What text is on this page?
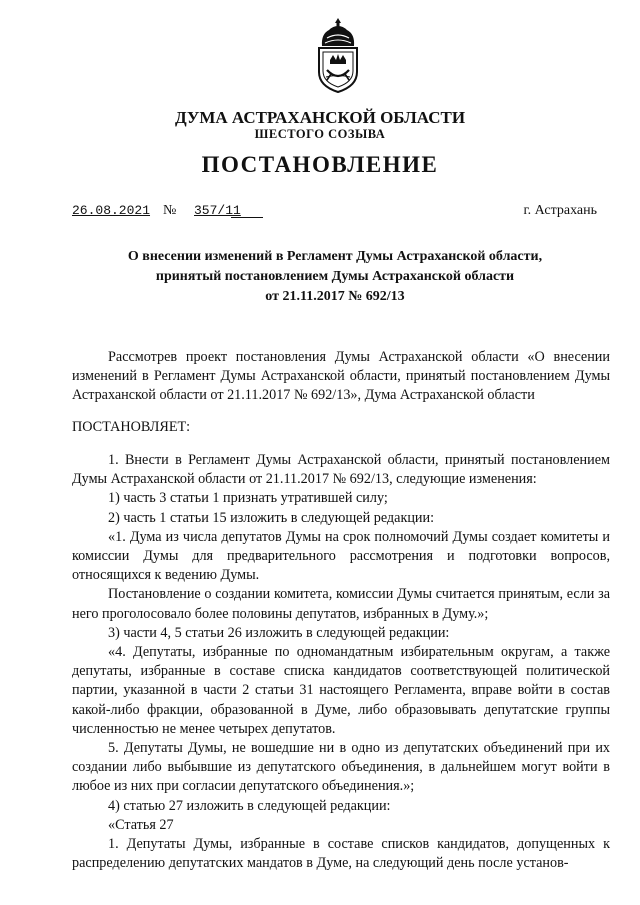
ДУМА АСТРАХАНСКОЙ ОБЛАСТИ
ШЕСТОГО СОЗЫВА
ПОСТАНОВЛЕНИЕ
26.08.2021 № 357/11	г. Астрахань
О внесении изменений в Регламент Думы Астраханской области,
принятый постановлением Думы Астраханской области
от 21.11.2017 № 692/13

Рассмотрев проект постановления Думы Астраханской области «О внесении изменений в Регламент Думы Астраханской области, принятый постановлением Думы Астраханской области от 21.11.2017 № 692/13», Дума Астраханской области

ПОСТАНОВЛЯЕТ:

1. Внести в Регламент Думы Астраханской области, принятый постановлением Думы Астраханской области от 21.11.2017 № 692/13, следующие изменения:

1) часть 3 статьи 1 признать утратившей силу;

2) часть 1 статьи 15 изложить в следующей редакции:

«1. Дума из числа депутатов Думы на срок полномочий Думы создает комитеты и комиссии Думы для предварительного рассмотрения и подготовки вопросов, относящихся к ведению Думы.

Постановление о создании комитета, комиссии Думы считается принятым, если за него проголосовало более половины депутатов, избранных в Думу.»;

3) части 4, 5 статьи 26 изложить в следующей редакции:

«4. Депутаты, избранные по одномандатным избирательным округам, а также депутаты, избранные в составе списка кандидатов соответствующей политической партии, указанной в части 2 статьи 31 настоящего Регламента, вправе войти в состав какой-либо фракции, образованной в Думе, либо образовывать депутатские группы численностью не менее четырех депутатов.

5. Депутаты Думы, не вошедшие ни в одно из депутатских объединений при их создании либо выбывшие из депутатского объединения, в дальнейшем могут войти в любое из них при согласии депутатского объединения.»;

4) статью 27 изложить в следующей редакции:

«Статья 27

1. Депутаты Думы, избранные в составе списков кандидатов, допущенных к распределению депутатских мандатов в Думе, на следующий день после установ-
